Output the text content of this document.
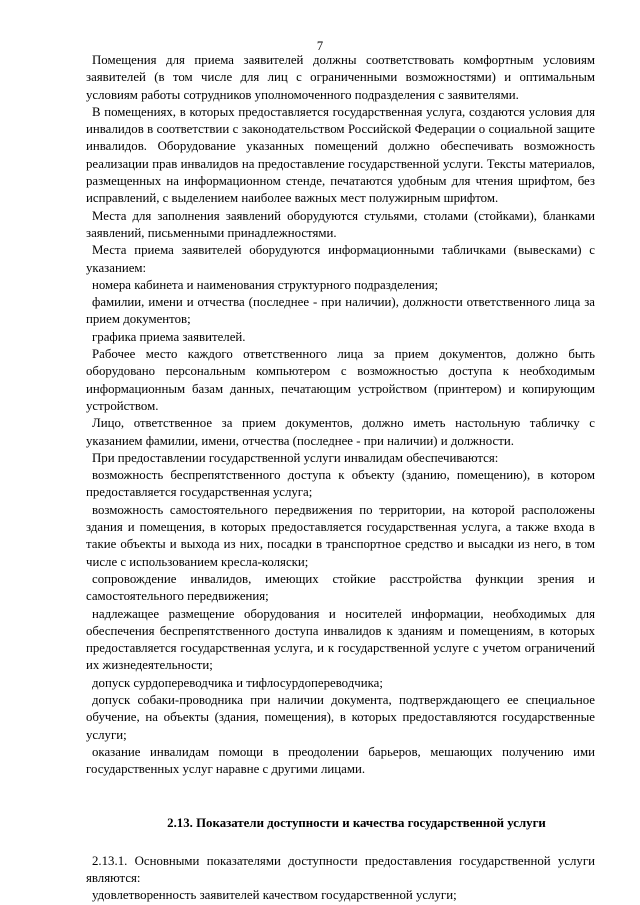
7

Помещения для приема заявителей должны соответствовать комфортным условиям заявителей (в том числе для лиц с ограниченными возможностями) и оптимальным условиям работы сотрудников уполномоченного подразделения с заявителями.

В помещениях, в которых предоставляется государственная услуга, создаются условия для инвалидов в соответствии с законодательством Российской Федерации о социальной защите инвалидов. Оборудование указанных помещений должно обеспечивать возможность реализации прав инвалидов на предоставление государственной услуги. Тексты материалов, размещенных на информационном стенде, печатаются удобным для чтения шрифтом, без исправлений, с выделением наиболее важных мест полужирным шрифтом.

Места для заполнения заявлений оборудуются стульями, столами (стойками), бланками заявлений, письменными принадлежностями.

Места приема заявителей оборудуются информационными табличками (вывесками) с указанием:

номера кабинета и наименования структурного подразделения;

фамилии, имени и отчества (последнее - при наличии), должности ответственного лица за прием документов;

графика приема заявителей.

Рабочее место каждого ответственного лица за прием документов, должно быть оборудовано персональным компьютером с возможностью доступа к необходимым информационным базам данных, печатающим устройством (принтером) и копирующим устройством.

Лицо, ответственное за прием документов, должно иметь настольную табличку с указанием фамилии, имени, отчества (последнее - при наличии) и должности.

При предоставлении государственной услуги инвалидам обеспечиваются:

возможность беспрепятственного доступа к объекту (зданию, помещению), в котором предоставляется государственная услуга;

возможность самостоятельного передвижения по территории, на которой расположены здания и помещения, в которых предоставляется государственная услуга, а также входа в такие объекты и выхода из них, посадки в транспортное средство и высадки из него, в том числе с использованием кресла-коляски;

сопровождение инвалидов, имеющих стойкие расстройства функции зрения и самостоятельного передвижения;

надлежащее размещение оборудования и носителей информации, необходимых для обеспечения беспрепятственного доступа инвалидов к зданиям и помещениям, в которых предоставляется государственная услуга, и к государственной услуге с учетом ограничений их жизнедеятельности;

допуск сурдопереводчика и тифлосурдопереводчика;

допуск собаки-проводника при наличии документа, подтверждающего ее специальное обучение, на объекты (здания, помещения), в которых предоставляются государственные услуги;

оказание инвалидам помощи в преодолении барьеров, мешающих получению ими государственных услуг наравне с другими лицами.

2.13. Показатели доступности и качества государственной услуги

2.13.1. Основными показателями доступности предоставления государственной услуги являются:

удовлетворенность заявителей качеством государственной услуги;
